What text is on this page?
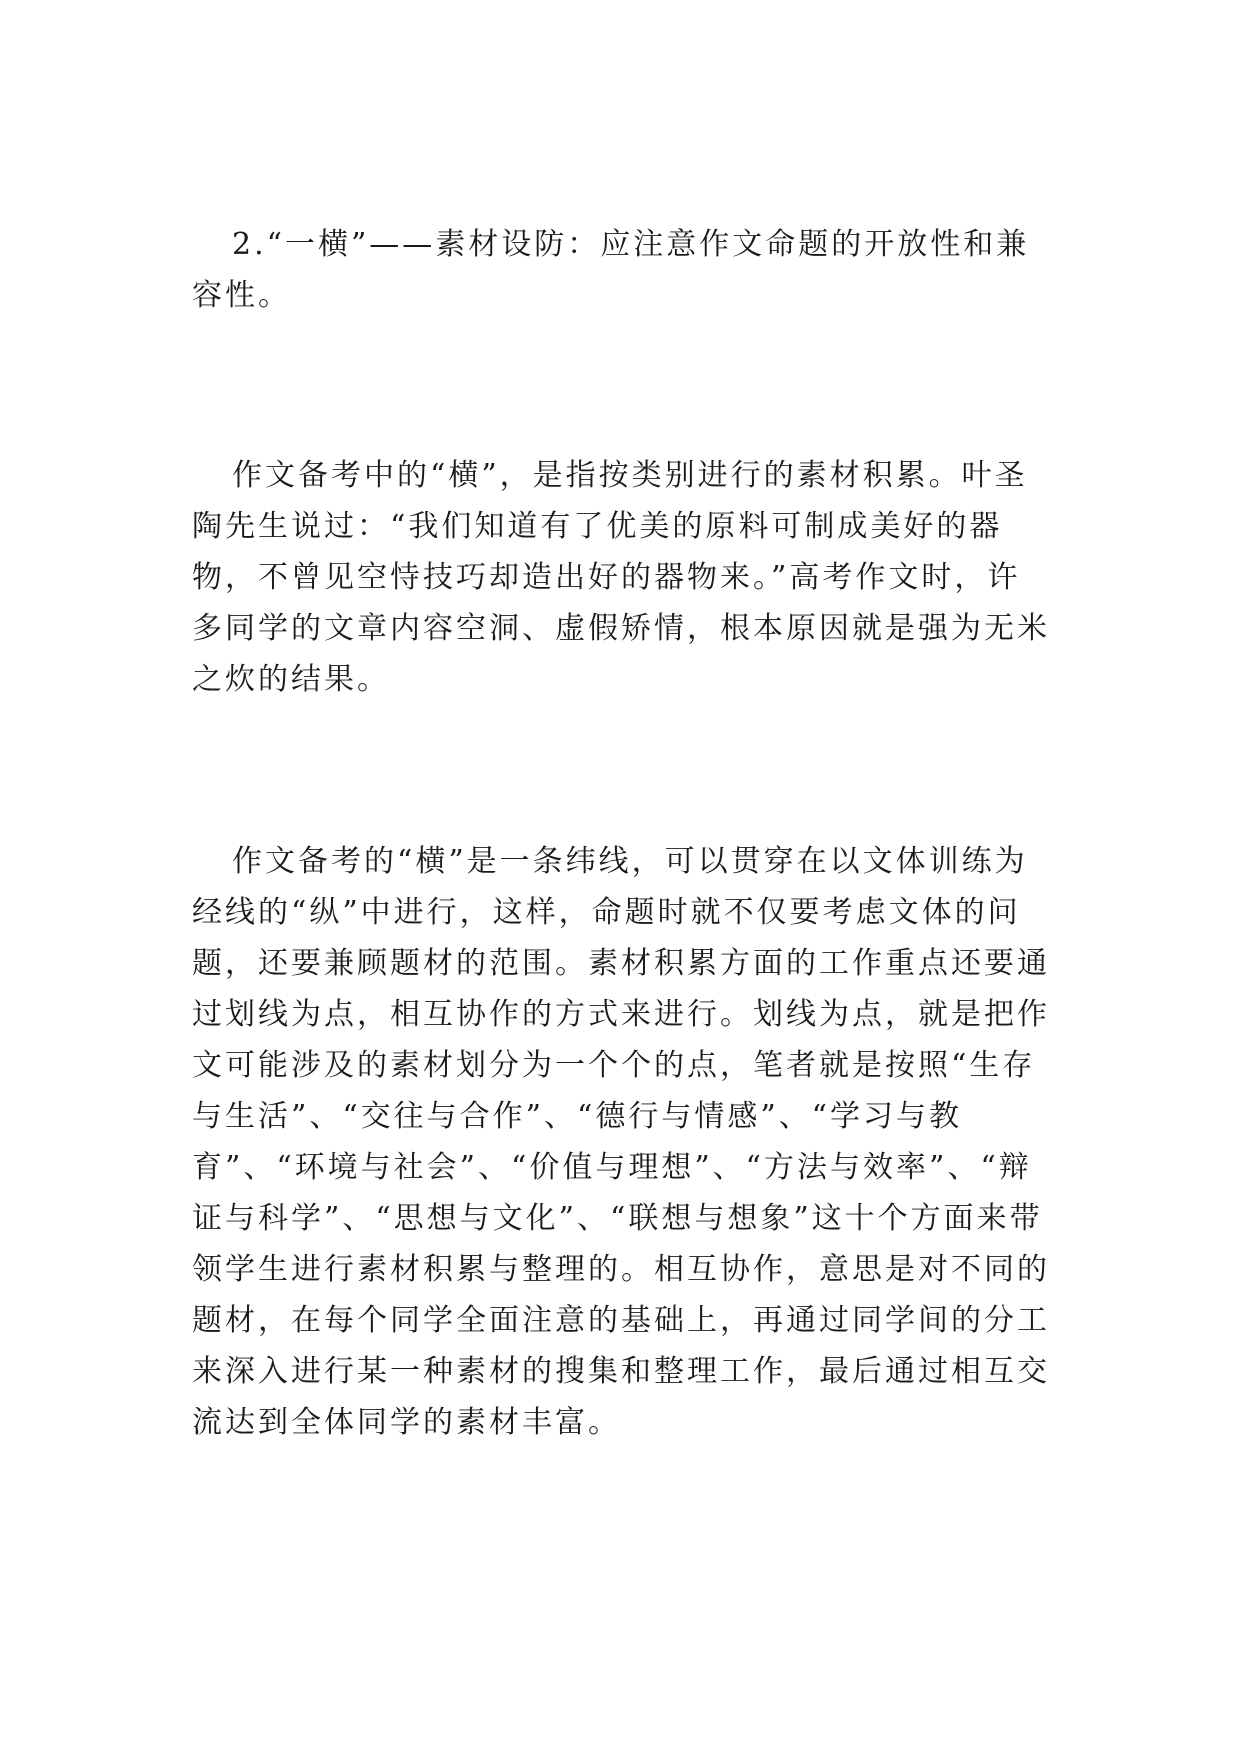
2.“一横”——素材设防：应注意作文命题的开放性和兼容性。

作文备考中的“横”，是指按类别进行的素材积累。叶圣陶先生说过：“我们知道有了优美的原料可制成美好的器物，不曾见空恃技巧却造出好的器物来。”高考作文时，许多同学的文章内容空洞、虚假矫情，根本原因就是强为无米之炊的结果。

作文备考的“横”是一条纬线，可以贯穿在以文体训练为经线的“纵”中进行，这样，命题时就不仅要考虑文体的问题，还要兼顾题材的范围。素材积累方面的工作重点还要通过划线为点，相互协作的方式来进行。划线为点，就是把作文可能涉及的素材划分为一个个的点，笔者就是按照“生存与生活”、“交往与合作”、“德行与情感”、“学习与教育”、“环境与社会”、“价值与理想”、“方法与效率”、“辩证与科学”、“思想与文化”、“联想与想象”这十个方面来带领学生进行素材积累与整理的。相互协作，意思是对不同的题材，在每个同学全面注意的基础上，再通过同学间的分工来深入进行某一种素材的搜集和整理工作，最后通过相互交流达到全体同学的素材丰富。
